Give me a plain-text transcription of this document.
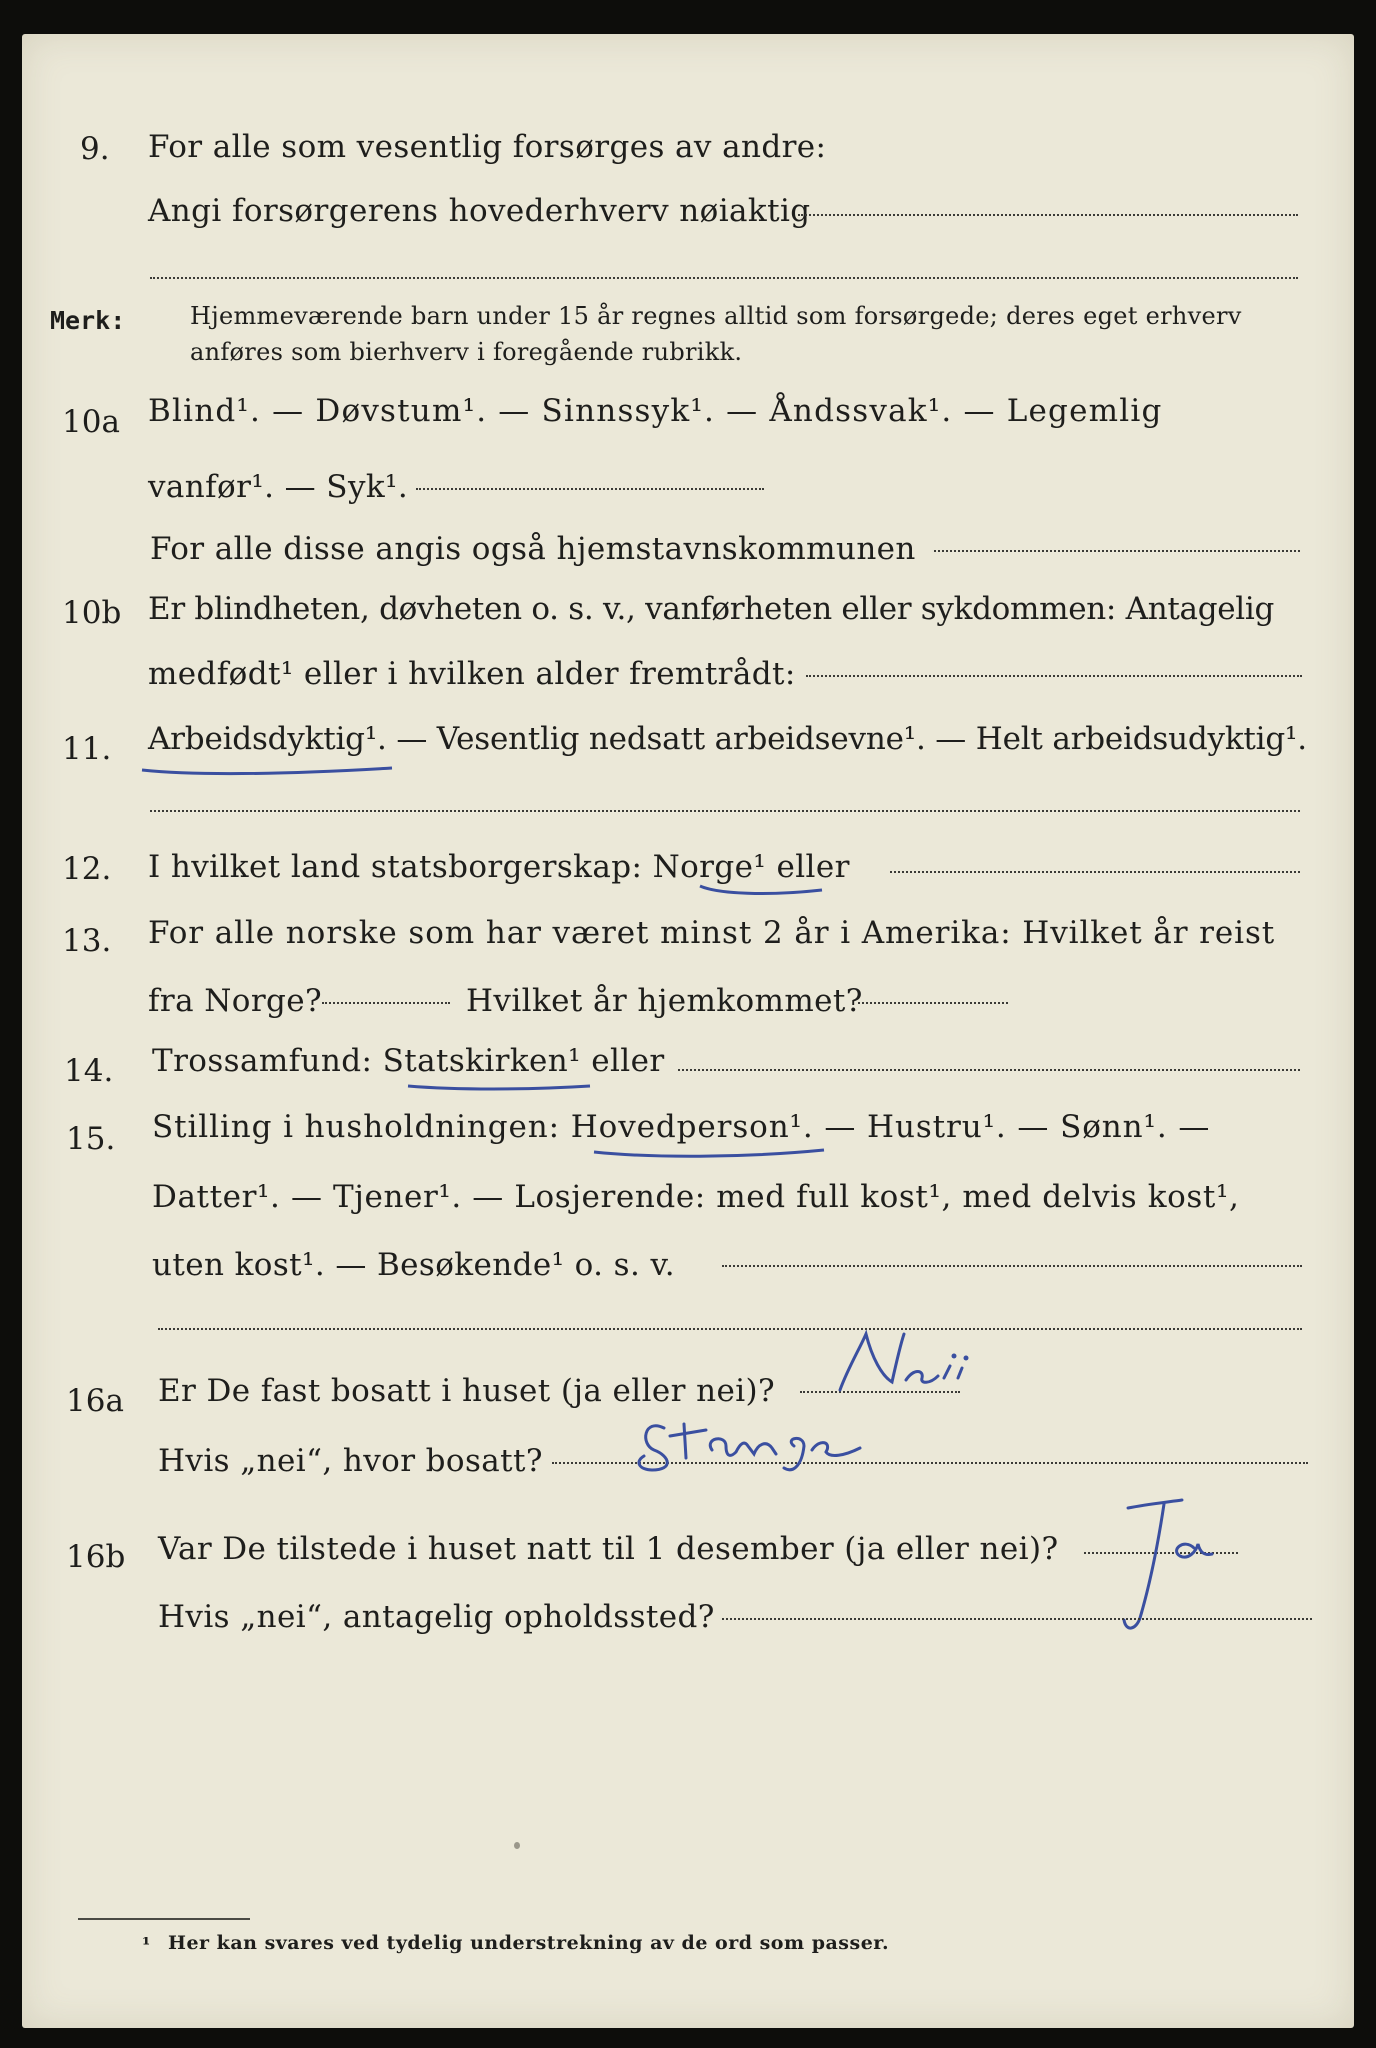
9. For alle som vesentlig forsørges av andre:
Angi forsørgerens hovederhverv nøiaktig
Merk:	Hjemmeværende barn under 15 år regnes alltid som forsørgede; deres eget erhverv
anføres som bierhverv i foregående rubrikk.
10a Blind¹. — Døvstum¹. — Sinnssyk¹. — Åndssvak¹. — Legemlig
vanfør¹. — Syk¹.
For alle disse angis også hjemstavnskommunen
10b Er blindheten, døvheten o. s. v., vanførheten eller sykdommen: Antagelig
medfødt¹ eller i hvilken alder fremtrådt:
11. Arbeidsdyktig¹. — Vesentlig nedsatt arbeidsevne¹. — Helt arbeidsudyktig¹.
12. I hvilket land statsborgerskap: Norge¹ eller
13. For alle norske som har været minst 2 år i Amerika: Hvilket år reist
fra Norge?	Hvilket år hjemkommet?
14. Trossamfund: Statskirken¹ eller
15. Stilling i husholdningen: Hovedperson¹. — Hustru¹. — Sønn¹. —
Datter¹. — Tjener¹. — Losjerende: med full kost¹, med delvis kost¹,
uten kost¹. — Besøkende¹ o. s. v.
16a Er De fast bosatt i huset (ja eller nei)?
Hvis „nei“, hvor bosatt?
16b Var De tilstede i huset natt til 1 desember (ja eller nei)?
Hvis „nei“, antagelig opholdssted?
¹ Her kan svares ved tydelig understrekning av de ord som passer.
